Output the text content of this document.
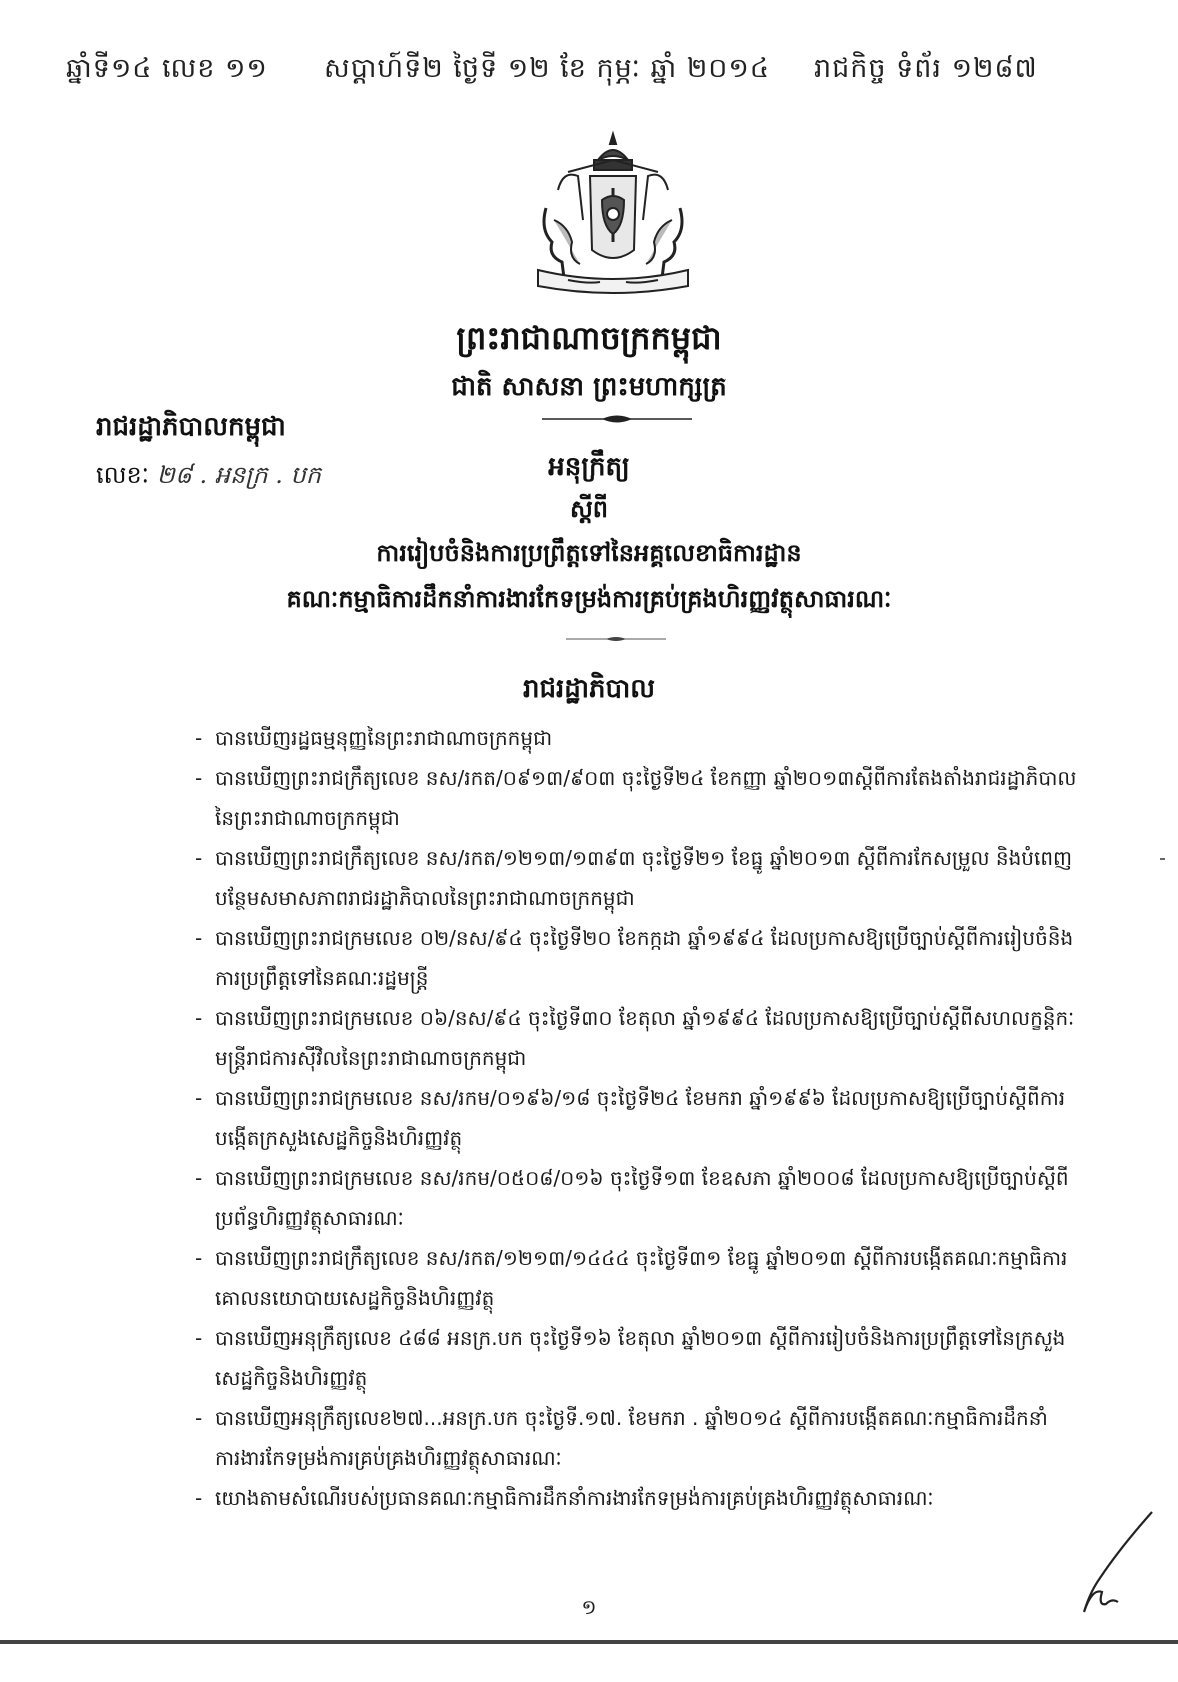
ឆ្នាំទី១៤ លេខ ១១ សប្ដាហ៍ទី២ ថ្ងៃទី ១២ ខែ កុម្ភៈ ឆ្នាំ ២០១៤ រាជកិច្ច ទំព័រ ១២៨៧
ព្រះរាជាណាចក្រកម្ពុជា
ជាតិ សាសនា ព្រះមហាក្សត្រ
រាជរដ្ឋាភិបាលកម្ពុជា
លេខៈ ២៨ . អនក្រ . បក	អនុក្រឹត្យ
ស្ដីពី
ការរៀបចំនិងការប្រព្រឹត្តទៅនៃអគ្គលេខាធិការដ្ឋាន
គណៈកម្មាធិការដឹកនាំការងារកែទម្រង់ការគ្រប់គ្រងហិរញ្ញវត្ថុសាធារណៈ
រាជរដ្ឋាភិបាល
- បានឃើញរដ្ឋធម្មនុញ្ញនៃព្រះរាជាណាចក្រកម្ពុជា
- បានឃើញព្រះរាជក្រឹត្យលេខ នស/រកត/០៩១៣/៩០៣ ចុះថ្ងៃទី២៤ ខែកញ្ញា ឆ្នាំ២០១៣ស្ដីពីការតែងតាំងរាជរដ្ឋាភិបាលនៃព្រះរាជាណាចក្រកម្ពុជា
- បានឃើញព្រះរាជក្រឹត្យលេខ នស/រកត/១២១៣/១៣៩៣ ចុះថ្ងៃទី២១ ខែធ្នូ ឆ្នាំ២០១៣ ស្ដីពីការកែសម្រួល និងបំពេញបន្ថែមសមាសភាពរាជរដ្ឋាភិបាលនៃព្រះរាជាណាចក្រកម្ពុជា
- បានឃើញព្រះរាជក្រមលេខ ០២/នស/៩៤ ចុះថ្ងៃទី២០ ខែកក្កដា ឆ្នាំ១៩៩៤ ដែលប្រកាសឱ្យប្រើច្បាប់ស្ដីពីការរៀបចំនិងការប្រព្រឹត្តទៅនៃគណៈរដ្ឋមន្ត្រី
- បានឃើញព្រះរាជក្រមលេខ ០៦/នស/៩៤ ចុះថ្ងៃទី៣០ ខែតុលា ឆ្នាំ១៩៩៤ ដែលប្រកាសឱ្យប្រើច្បាប់ស្ដីពីសហលក្ខន្តិកៈមន្ត្រីរាជការស៊ីវិលនៃព្រះរាជាណាចក្រកម្ពុជា
- បានឃើញព្រះរាជក្រមលេខ នស/រកម/០១៩៦/១៨ ចុះថ្ងៃទី២៤ ខែមករា ឆ្នាំ១៩៩៦ ដែលប្រកាសឱ្យប្រើច្បាប់ស្ដីពីការបង្កើតក្រសួងសេដ្ឋកិច្ចនិងហិរញ្ញវត្ថុ
- បានឃើញព្រះរាជក្រមលេខ នស/រកម/០៥០៨/០១៦ ចុះថ្ងៃទី១៣ ខែឧសភា ឆ្នាំ២០០៨ ដែលប្រកាសឱ្យប្រើច្បាប់ស្ដីពីប្រព័ន្ធហិរញ្ញវត្ថុសាធារណៈ
- បានឃើញព្រះរាជក្រឹត្យលេខ នស/រកត/១២១៣/១៤៤៤ ចុះថ្ងៃទី៣១ ខែធ្នូ ឆ្នាំ២០១៣ ស្ដីពីការបង្កើតគណៈកម្មាធិការគោលនយោបាយសេដ្ឋកិច្ចនិងហិរញ្ញវត្ថុ
- បានឃើញអនុក្រឹត្យលេខ ៤៨៨ អនក្រ.បក ចុះថ្ងៃទី១៦ ខែតុលា ឆ្នាំ២០១៣ ស្ដីពីការរៀបចំនិងការប្រព្រឹត្តទៅនៃក្រសួងសេដ្ឋកិច្ចនិងហិរញ្ញវត្ថុ
- បានឃើញអនុក្រឹត្យលេខ២៧...អនក្រ.បក ចុះថ្ងៃទី.១៧. ខែមករា . ឆ្នាំ២០១៤ ស្ដីពីការបង្កើតគណៈកម្មាធិការដឹកនាំការងារកែទម្រង់ការគ្រប់គ្រងហិរញ្ញវត្ថុសាធារណៈ
- យោងតាមសំណើរបស់ប្រធានគណៈកម្មាធិការដឹកនាំការងារកែទម្រង់ការគ្រប់គ្រងហិរញ្ញវត្ថុសាធារណៈ
១
